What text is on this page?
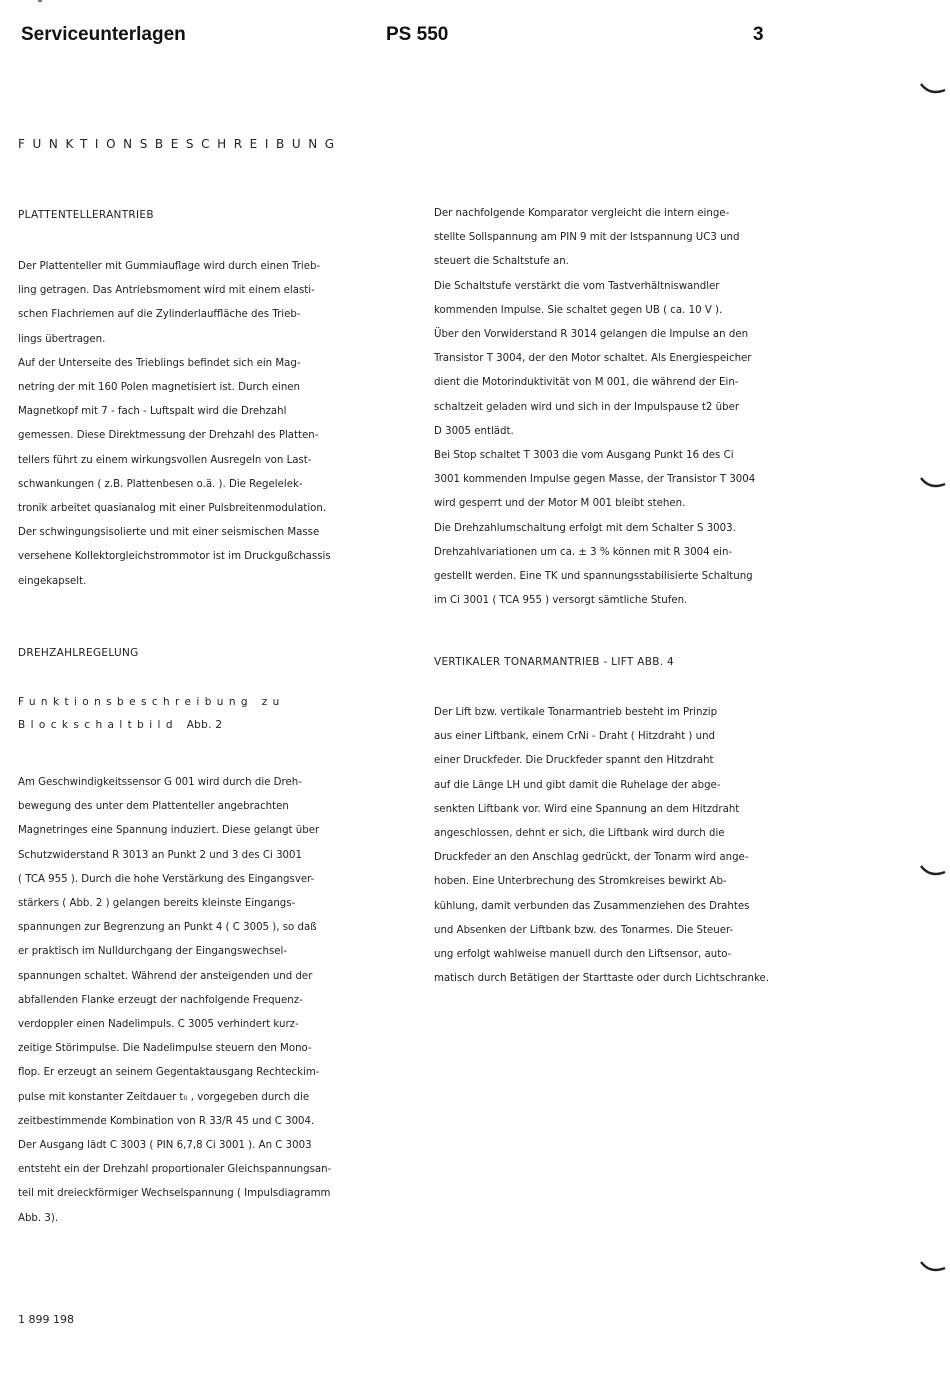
Serviceunterlagen	PS 550	3
FUNKTIONSBESCHREIBUNG
PLATTENTELLERANTRIEB
Der Plattenteller mit Gummiauflage wird durch einen Trieb-
ling getragen. Das Antriebsmoment wird mit einem elasti-
schen Flachriemen auf die Zylinderlauffläche des Trieb-
lings übertragen.
Auf der Unterseite des Trieblings befindet sich ein Mag-
netring der mit 160 Polen magnetisiert ist. Durch einen
Magnetkopf mit 7 - fach - Luftspalt wird die Drehzahl
gemessen. Diese Direktmessung der Drehzahl des Platten-
tellers führt zu einem wirkungsvollen Ausregeln von Last-
schwankungen ( z.B. Plattenbesen o.ä. ). Die Regelelek-
tronik arbeitet quasianalog mit einer Pulsbreitenmodulation.
Der schwingungsisolierte und mit einer seismischen Masse
versehene Kollektorgleichstrommotor ist im Druckgußchassis
eingekapselt.
DREHZAHLREGELUNG
Funktionsbeschreibung zu
Blockschaltbild Abb. 2
Am Geschwindigkeitssensor G 001 wird durch die Dreh-
bewegung des unter dem Plattenteller angebrachten
Magnetringes eine Spannung induziert. Diese gelangt über
Schutzwiderstand R 3013 an Punkt 2 und 3 des Ci 3001
( TCA 955 ). Durch die hohe Verstärkung des Eingangsver-
stärkers ( Abb. 2 ) gelangen bereits kleinste Eingangs-
spannungen zur Begrenzung an Punkt 4 ( C 3005 ), so daß
er praktisch im Nulldurchgang der Eingangswechsel-
spannungen schaltet. Während der ansteigenden und der
abfallenden Flanke erzeugt der nachfolgende Frequenz-
verdoppler einen Nadelimpuls. C 3005 verhindert kurz-
zeitige Störimpulse. Die Nadelimpulse steuern den Mono-
flop. Er erzeugt an seinem Gegentaktausgang Rechteckim-
pulse mit konstanter Zeitdauer t₀ , vorgegeben durch die
zeitbestimmende Kombination von R 33/R 45 und C 3004.
Der Ausgang lädt C 3003 ( PIN 6,7,8 Ci 3001 ). An C 3003
entsteht ein der Drehzahl proportionaler Gleichspannungsan-
teil mit dreieckförmiger Wechselspannung ( Impulsdiagramm
Abb. 3).
Der nachfolgende Komparator vergleicht die intern einge-
stellte Sollspannung am PIN 9 mit der Istspannung UC3 und
steuert die Schaltstufe an.
Die Schaltstufe verstärkt die vom Tastverhältniswandler
kommenden Impulse. Sie schaltet gegen UB ( ca. 10 V ).
Über den Vorwiderstand R 3014 gelangen die Impulse an den
Transistor T 3004, der den Motor schaltet. Als Energiespeicher
dient die Motorinduktivität von M 001, die während der Ein-
schaltzeit geladen wird und sich in der Impulspause t2 über
D 3005 entlädt.
Bei Stop schaltet T 3003 die vom Ausgang Punkt 16 des Ci
3001 kommenden Impulse gegen Masse, der Transistor T 3004
wird gesperrt und der Motor M 001 bleibt stehen.
Die Drehzahlumschaltung erfolgt mit dem Schalter S 3003.
Drehzahlvariationen um ca. ± 3 % können mit R 3004 ein-
gestellt werden. Eine TK und spannungsstabilisierte Schaltung
im Ci 3001 ( TCA 955 ) versorgt sämtliche Stufen.
VERTIKALER TONARMANTRIEB - LIFT ABB. 4
Der Lift bzw. vertikale Tonarmantrieb besteht im Prinzip
aus einer Liftbank, einem CrNi - Draht ( Hitzdraht ) und
einer Druckfeder. Die Druckfeder spannt den Hitzdraht
auf die Länge LH und gibt damit die Ruhelage der abge-
senkten Liftbank vor. Wird eine Spannung an dem Hitzdraht
angeschlossen, dehnt er sich, die Liftbank wird durch die
Druckfeder an den Anschlag gedrückt, der Tonarm wird ange-
hoben. Eine Unterbrechung des Stromkreises bewirkt Ab-
kühlung, damit verbunden das Zusammenziehen des Drahtes
und Absenken der Liftbank bzw. des Tonarmes. Die Steuer-
ung erfolgt wahlweise manuell durch den Liftsensor, auto-
matisch durch Betätigen der Starttaste oder durch Lichtschranke.
1 899 198
